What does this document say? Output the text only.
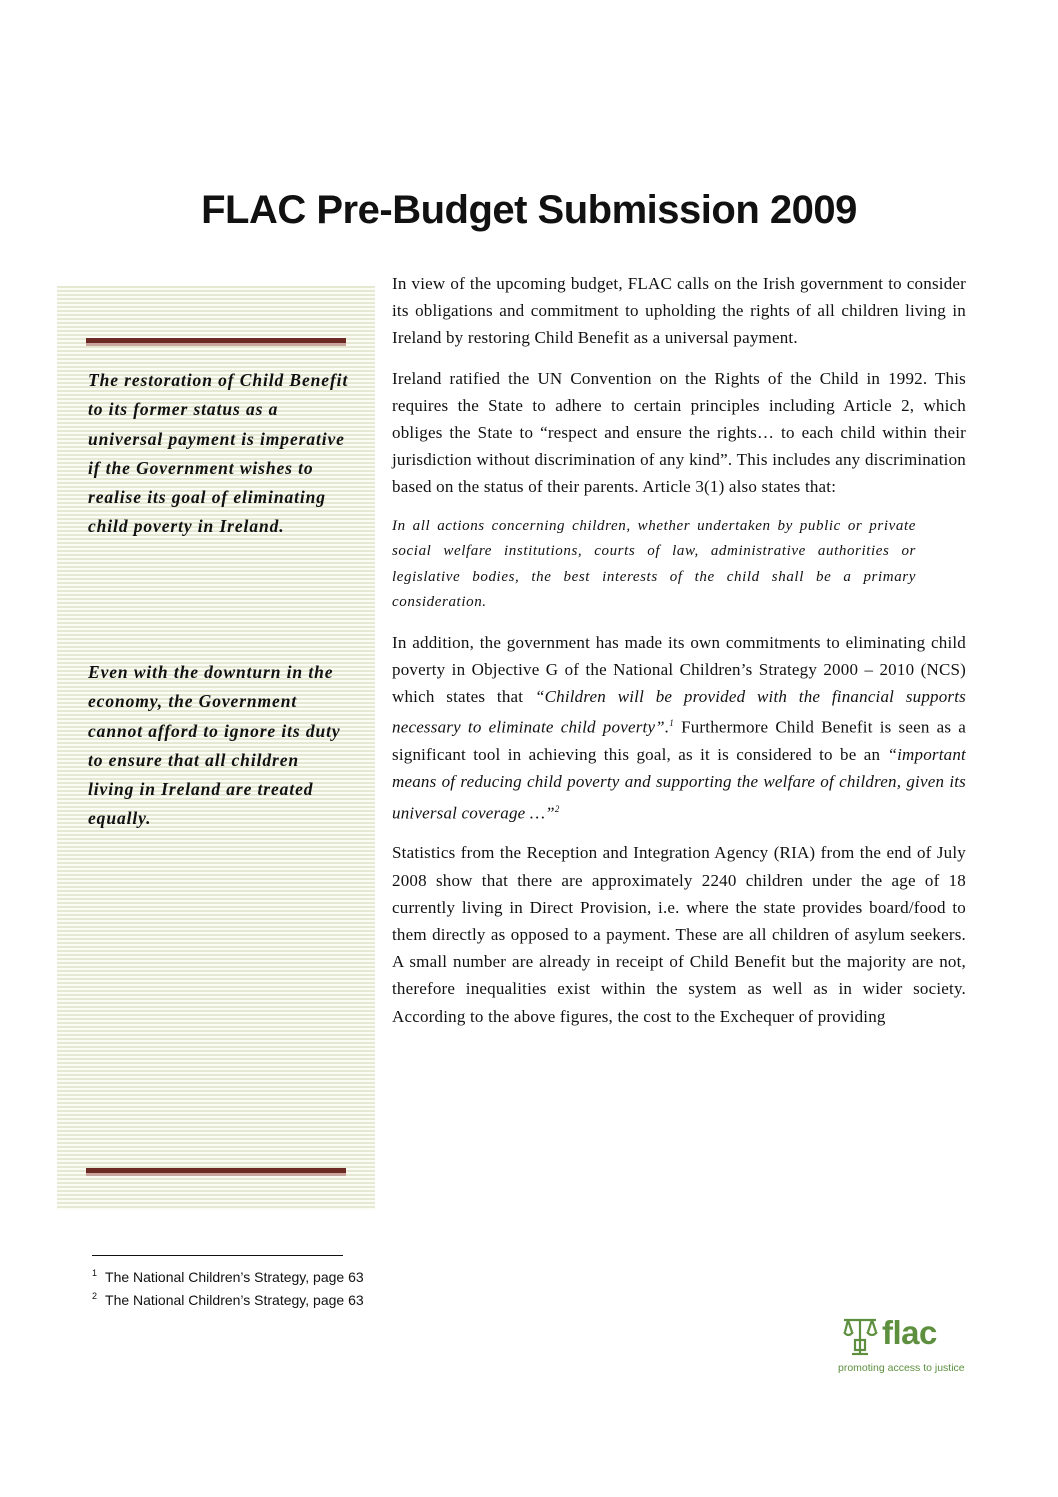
FLAC Pre-Budget Submission 2009
The restoration of Child Benefit to its former status as a universal payment is imperative if the Government wishes to realise its goal of eliminating child poverty in Ireland.
Even with the downturn in the economy, the Government cannot afford to ignore its duty to ensure that all children living in Ireland are treated equally.

In view of the upcoming budget, FLAC calls on the Irish government to consider its obligations and commitment to upholding the rights of all children living in Ireland by restoring Child Benefit as a universal payment.

Ireland ratified the UN Convention on the Rights of the Child in 1992. This requires the State to adhere to certain principles including Article 2, which obliges the State to “respect and ensure the rights… to each child within their jurisdiction without discrimination of any kind”. This includes any discrimination based on the status of their parents. Article 3(1) also states that:

In all actions concerning children, whether undertaken by public or private social welfare institutions, courts of law, administrative authorities or legislative bodies, the best interests of the child shall be a primary consideration.

In addition, the government has made its own commitments to eliminating child poverty in Objective G of the National Children’s Strategy 2000 – 2010 (NCS) which states that “Children will be provided with the financial supports necessary to eliminate child poverty”.$^1$ Furthermore Child Benefit is seen as a significant tool in achieving this goal, as it is considered to be an “important means of reducing child poverty and supporting the welfare of children, given its universal coverage …”$^2$

Statistics from the Reception and Integration Agency (RIA) from the end of July 2008 show that there are approximately 2240 children under the age of 18 currently living in Direct Provision, i.e. where the state provides board/food to them directly as opposed to a payment. These are all children of asylum seekers. A small number are already in receipt of Child Benefit but the majority are not, therefore inequalities exist within the system as well as in wider society. According to the above figures, the cost to the Exchequer of providing

$^1$ The National Children’s Strategy, page 63
$^2$ The National Children’s Strategy, page 63
flac
promoting access to justice
